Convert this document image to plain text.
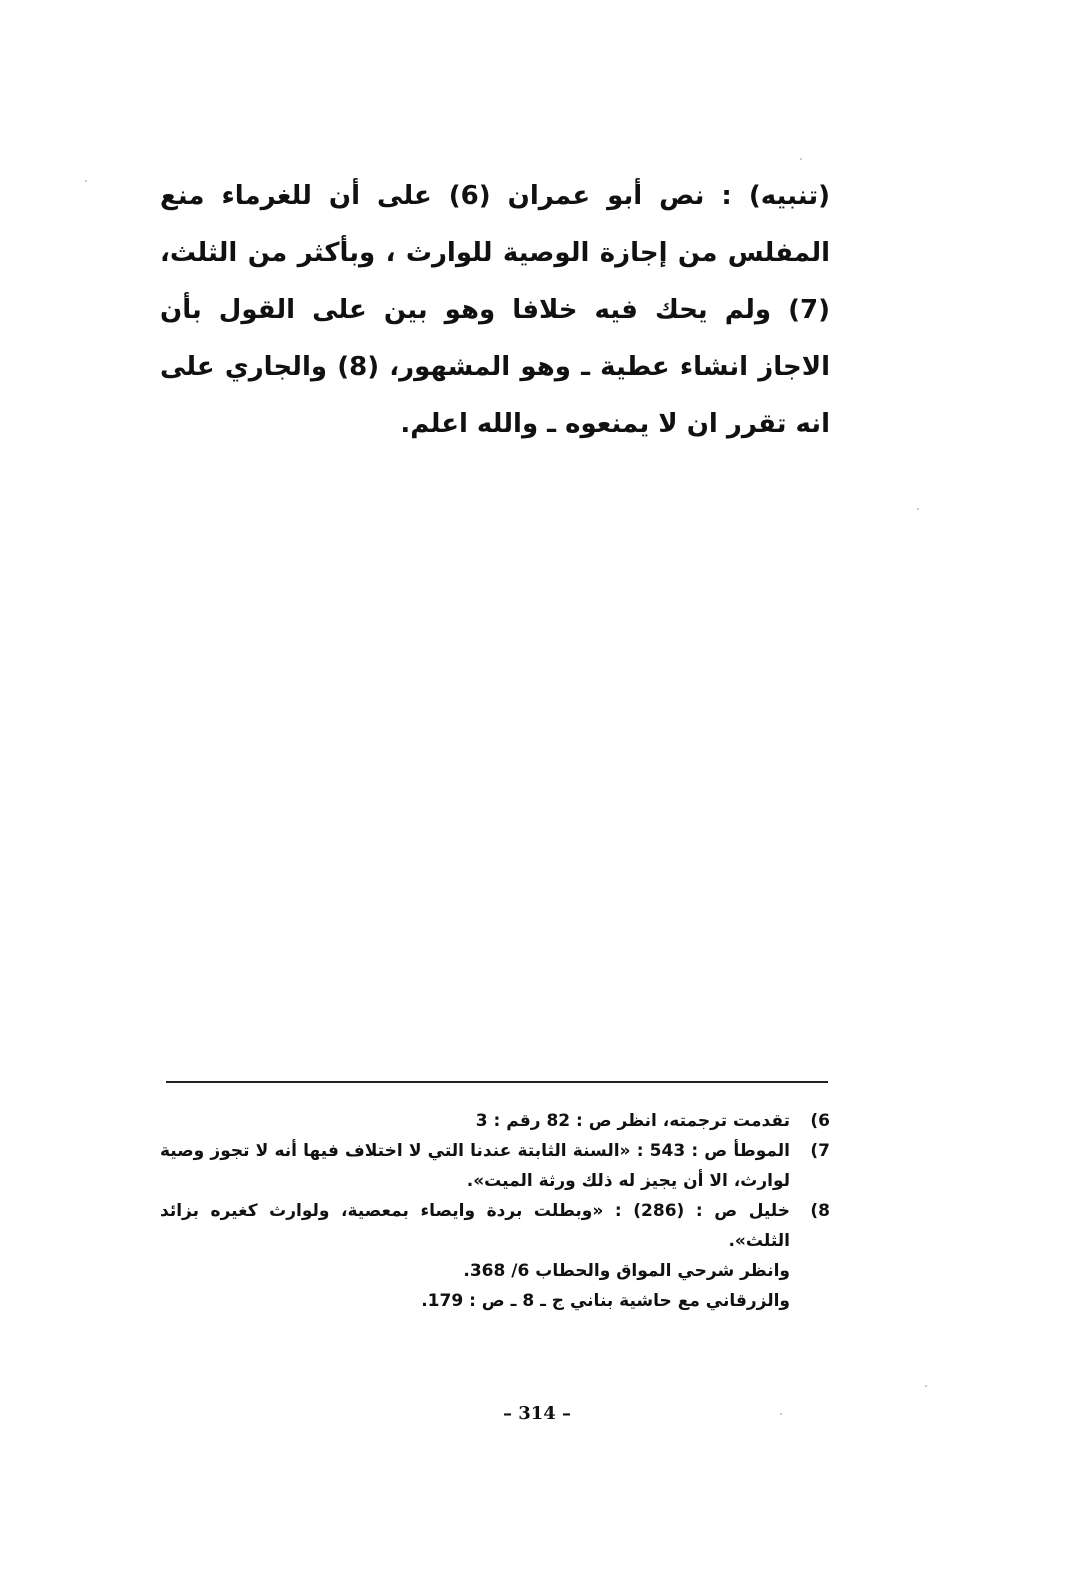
(تنبيه) : نص أبو عمران (6) على أن للغرماء منع المفلس من إجازة الوصية للوارث ، وبأكثر من الثلث، (7) ولم يحك فيه خلافا وهو بين على القول بأن الاجاز انشاء عطية ـ وهو المشهور، (8) والجاري على انه تقرر ان لا يمنعوه ـ والله اعلم.

6)
تقدمت ترجمته، انظر ص : 82 رقم : 3
7)
الموطأ ص : 543 : «السنة الثابتة عندنا التي لا اختلاف فيها أنه لا تجوز وصية لوارث، الا أن يجيز له ذلك ورثة الميت».
8)
خليل ص : (286) : «وبطلت بردة وايصاء بمعصية، ولوارث كغيره بزائد الثلث».
وانظر شرحي المواق والحطاب 6/ 368.
والزرقاني مع حاشية بناني ج ـ 8 ـ ص : 179.
– 314 –
